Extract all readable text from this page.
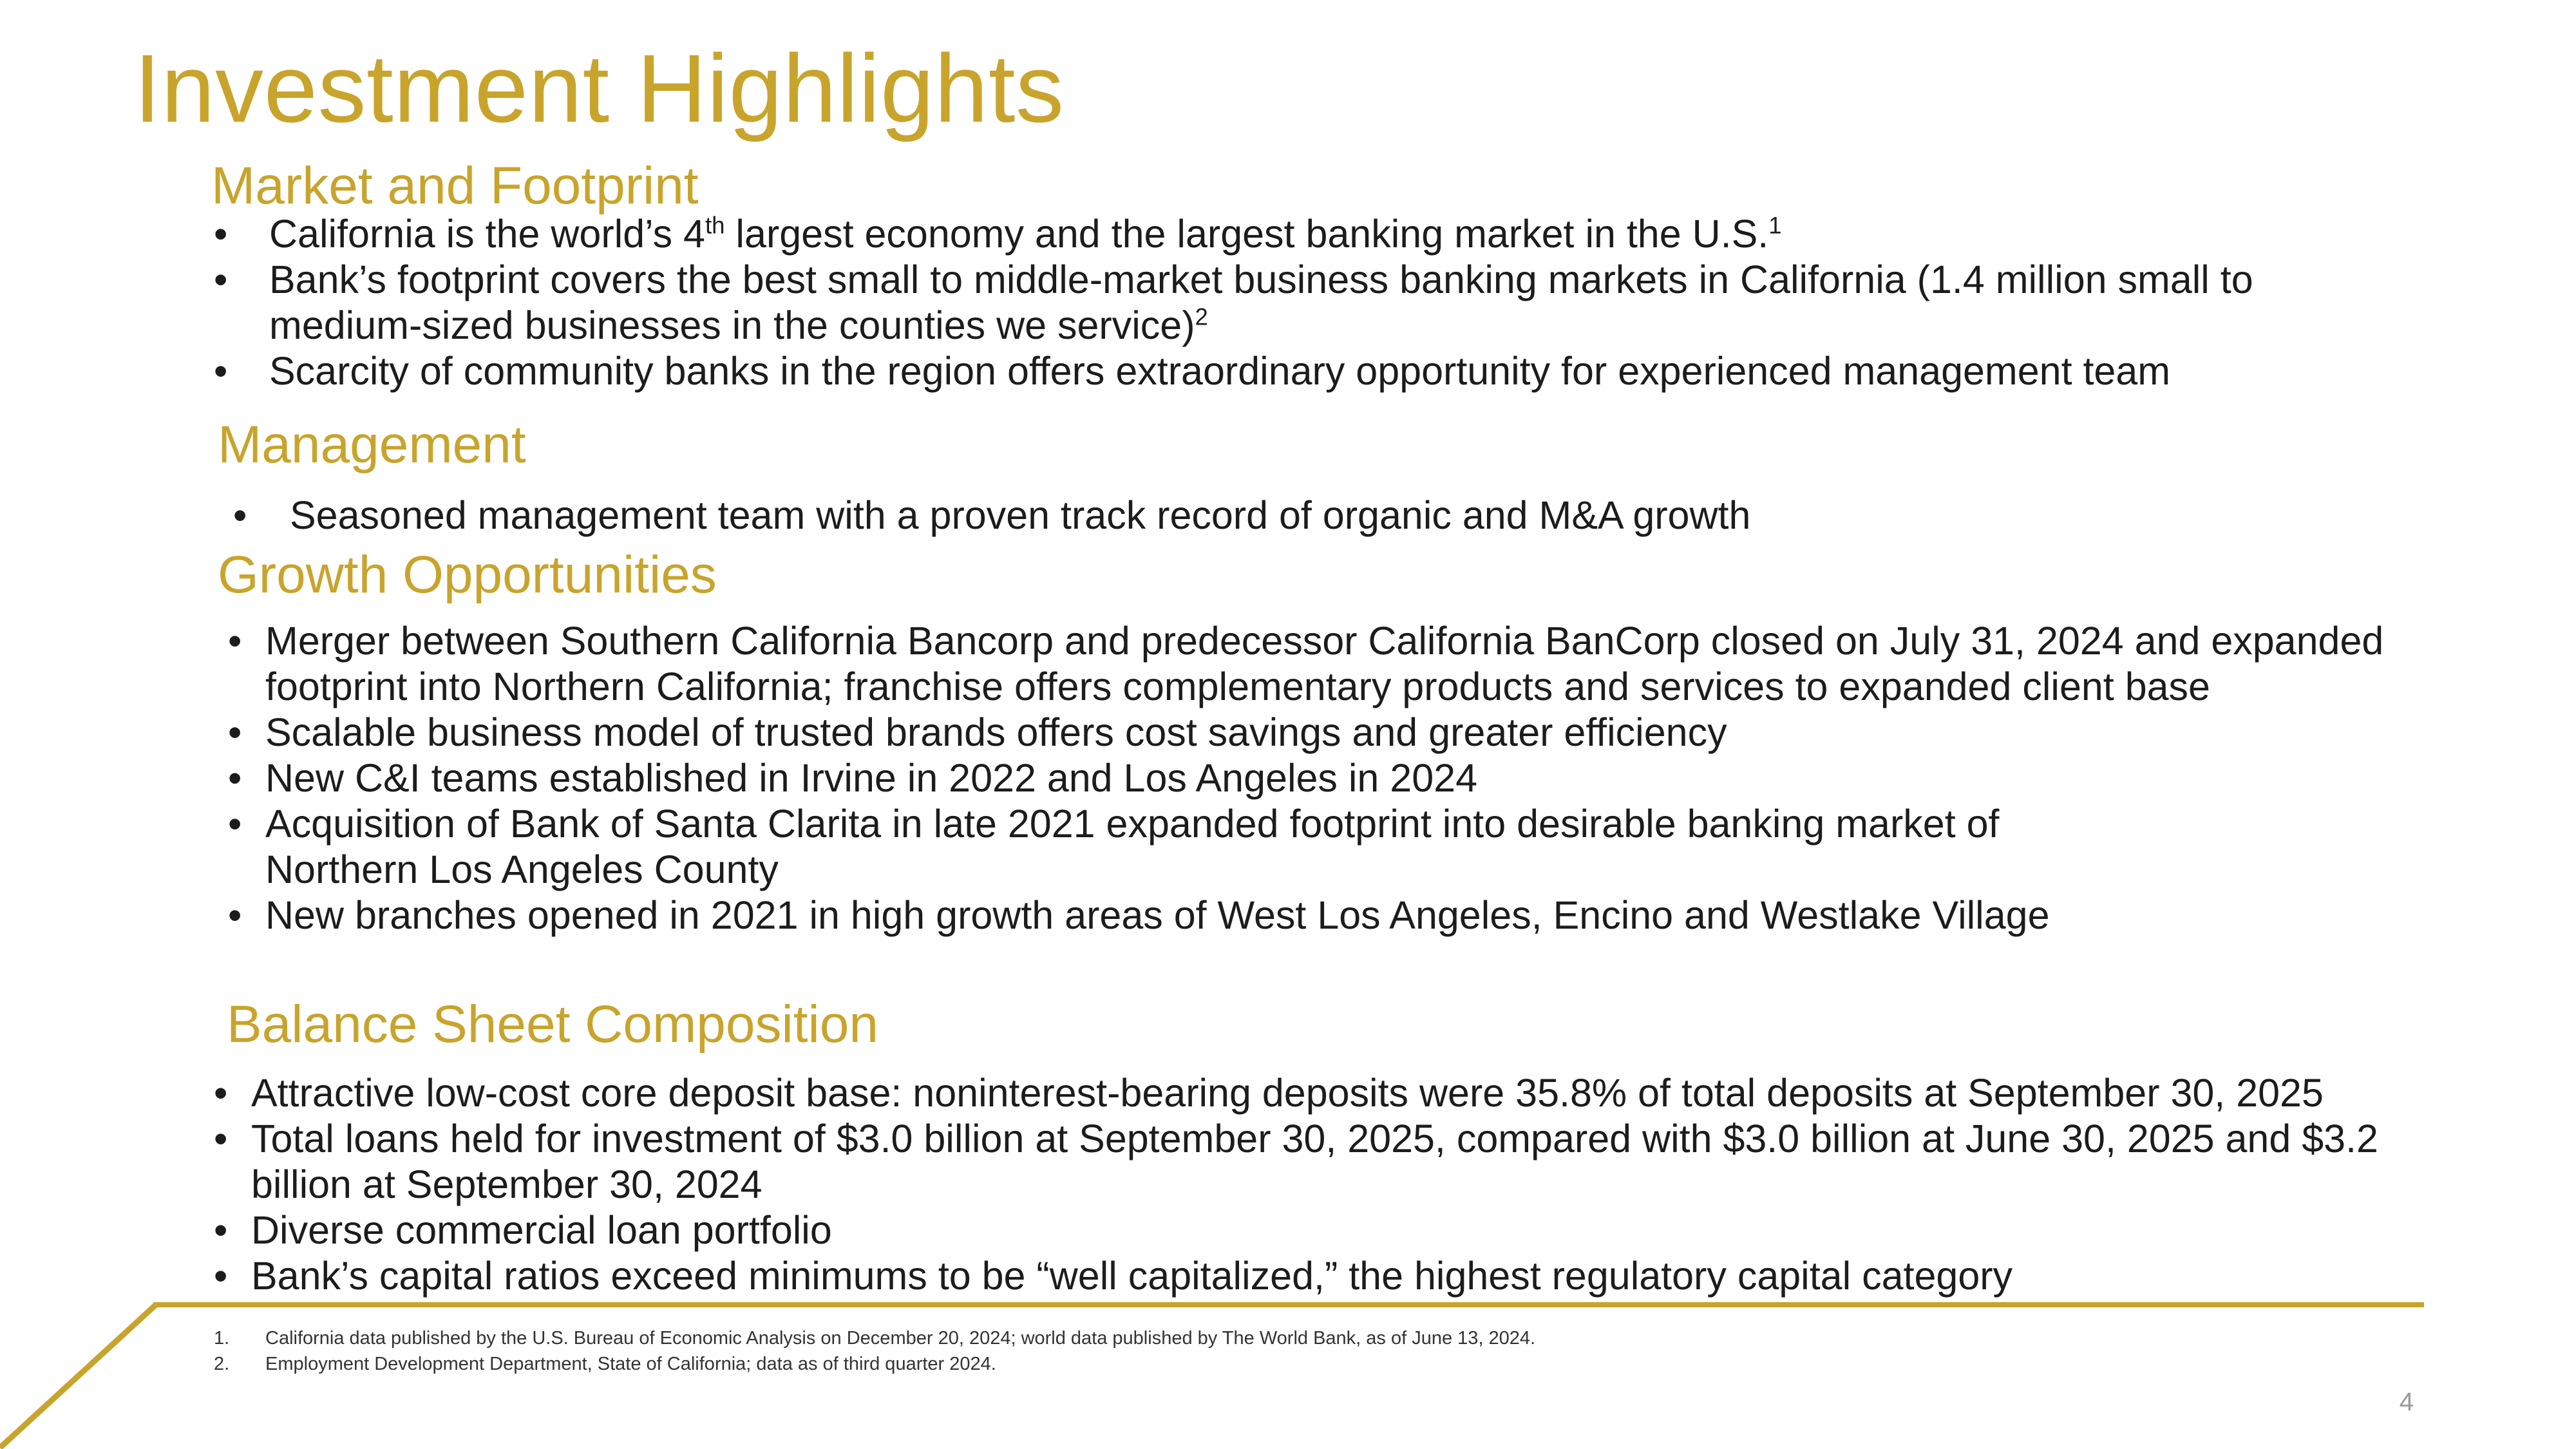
Investment Highlights
Market and Footprint
• California is the world’s 4th largest economy and the largest banking market in the U.S.$^1$
• Bank’s footprint covers the best small to middle-market business banking markets in California (1.4 million small to medium-sized businesses in the counties we service)$^2$
• Scarcity of community banks in the region offers extraordinary opportunity for experienced management team
Management
• Seasoned management team with a proven track record of organic and M&A growth
Growth Opportunities
• Merger between Southern California Bancorp and predecessor California BanCorp closed on July 31, 2024 and expanded footprint into Northern California; franchise offers complementary products and services to expanded client base
• Scalable business model of trusted brands offers cost savings and greater efficiency
• New C&I teams established in Irvine in 2022 and Los Angeles in 2024
• Acquisition of Bank of Santa Clarita in late 2021 expanded footprint into desirable banking market of Northern Los Angeles County
• New branches opened in 2021 in high growth areas of West Los Angeles, Encino and Westlake Village
Balance Sheet Composition
• Attractive low-cost core deposit base: noninterest-bearing deposits were 35.8% of total deposits at September 30, 2025
• Total loans held for investment of $3.0 billion at September 30, 2025, compared with $3.0 billion at June 30, 2025 and $3.2 billion at September 30, 2024
• Diverse commercial loan portfolio
• Bank’s capital ratios exceed minimums to be “well capitalized,” the highest regulatory capital category
1. California data published by the U.S. Bureau of Economic Analysis on December 20, 2024; world data published by The World Bank, as of June 13, 2024.
2. Employment Development Department, State of California; data as of third quarter 2024.
4
